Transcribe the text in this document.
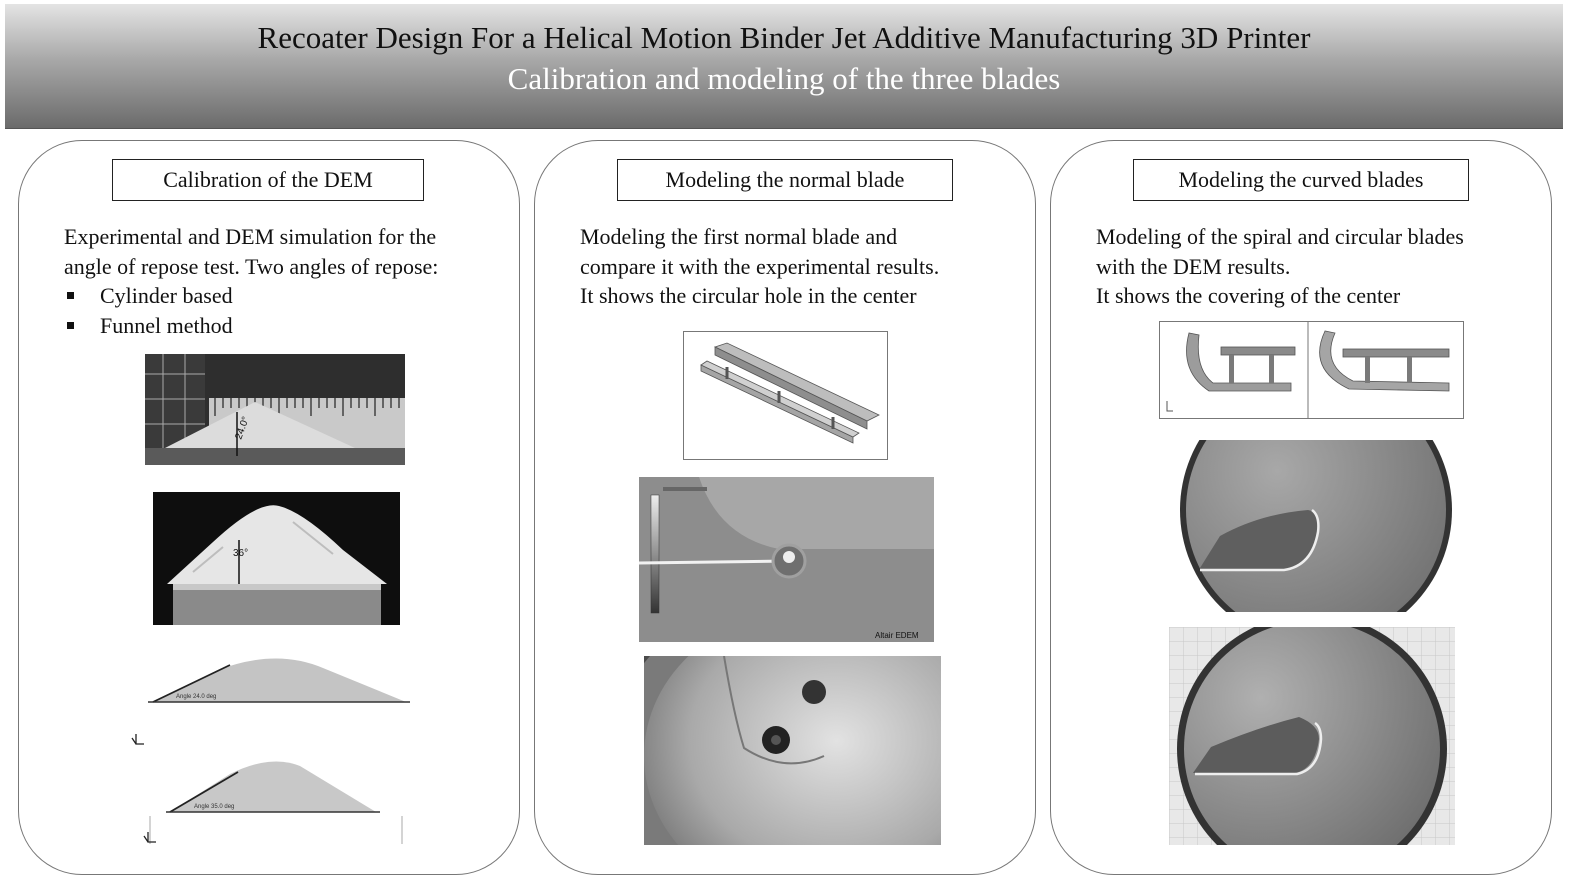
Recoater Design For a Helical Motion Binder Jet Additive Manufacturing 3D Printer
Calibration and modeling of the three blades
Calibration of the DEM

Experimental and DEM simulation for the

angle of repose test. Two angles of repose:

Cylinder based
Funnel method
24.0°
36°
Angle 24.0 deg
Angle 35.0 deg
Modeling the normal blade

Modeling the first normal blade and

compare it with the experimental results.

It shows the circular hole in the center

Altair EDEM
Modeling the curved blades

Modeling of the spiral and circular blades

with the DEM results.

It shows the covering of the center
